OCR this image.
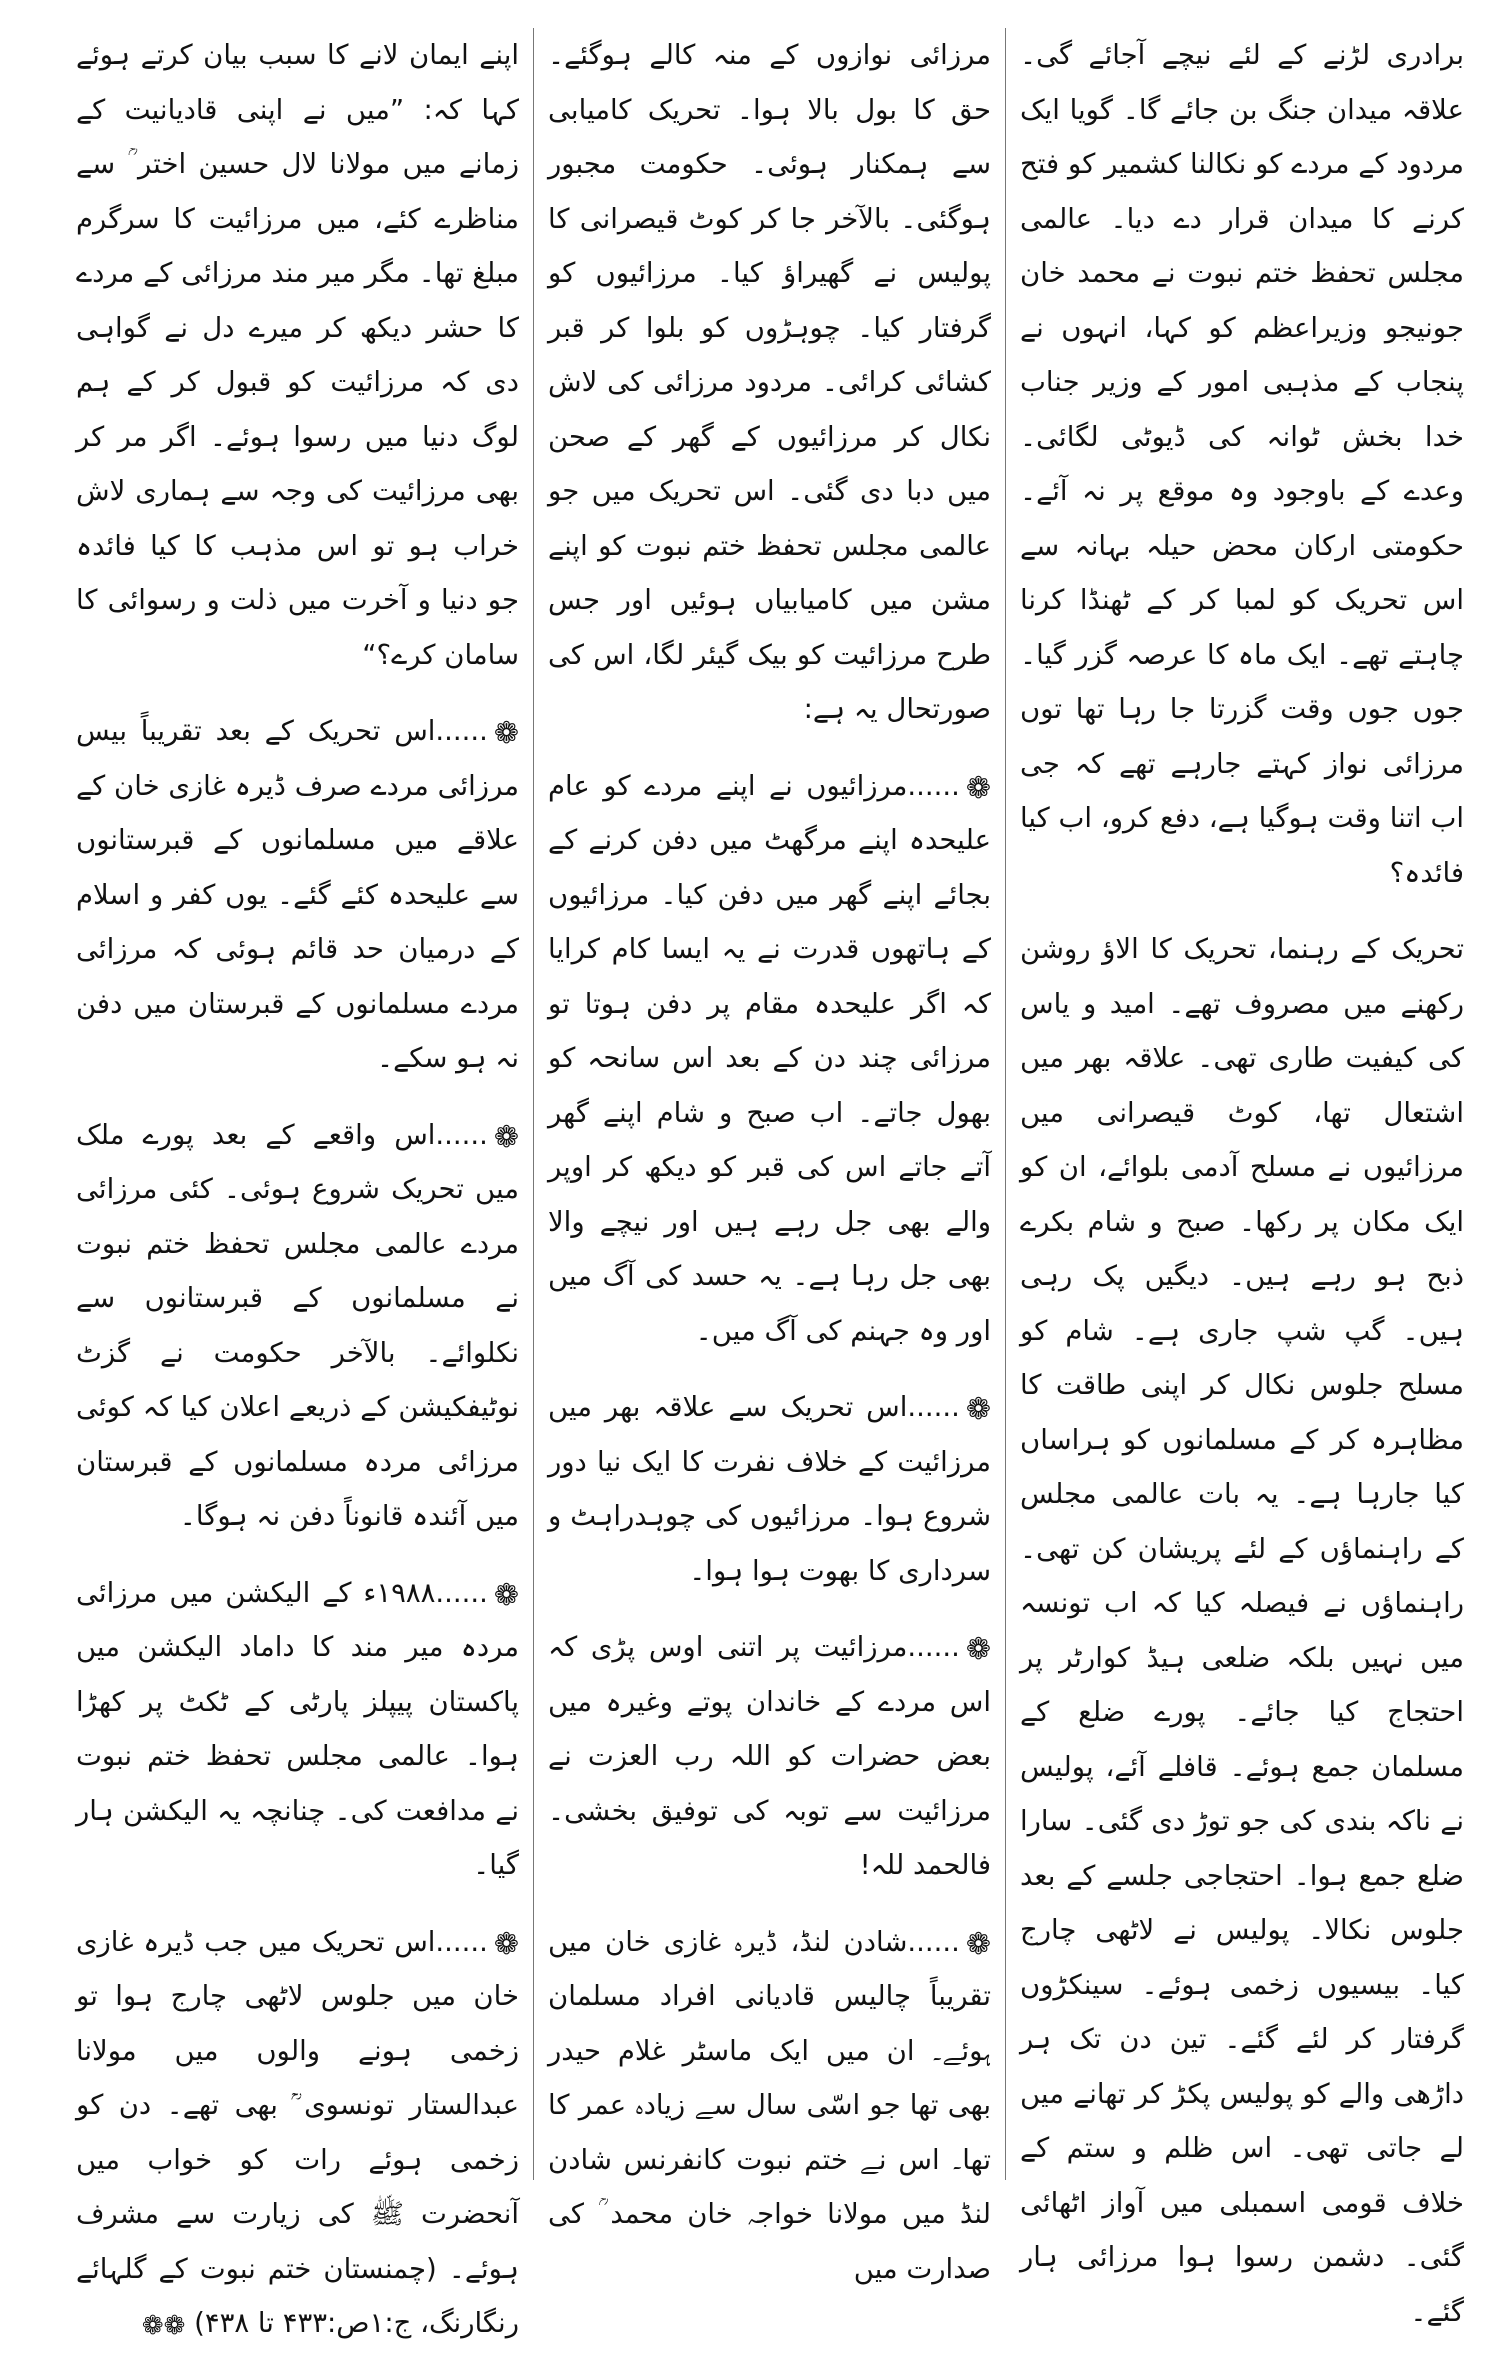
برادری لڑنے کے لئے نیچے آجائے گی۔ علاقہ میدان جنگ بن جائے گا۔ گویا ایک مردود کے مردے کو نکالنا کشمیر کو فتح کرنے کا میدان قرار دے دیا۔ عالمی مجلس تحفظ ختم نبوت نے محمد خان جونیجو وزیراعظم کو کہا، انہوں نے پنجاب کے مذہبی امور کے وزیر جناب خدا بخش ٹوانہ کی ڈیوٹی لگائی۔ وعدے کے باوجود وہ موقع پر نہ آئے۔ حکومتی ارکان محض حیلہ بہانہ سے اس تحریک کو لمبا کر کے ٹھنڈا کرنا چاہتے تھے۔ ایک ماہ کا عرصہ گزر گیا۔ جوں جوں وقت گزرتا جا رہا تھا توں مرزائی نواز کہتے جارہے تھے کہ جی اب اتنا وقت ہوگیا ہے، دفع کرو، اب کیا فائدہ؟

تحریک کے رہنما، تحریک کا الاؤ روشن رکھنے میں مصروف تھے۔ امید و یاس کی کیفیت طاری تھی۔ علاقہ بھر میں اشتعال تھا، کوٹ قیصرانی میں مرزائیوں نے مسلح آدمی بلوائے، ان کو ایک مکان پر رکھا۔ صبح و شام بکرے ذبح ہو رہے ہیں۔ دیگیں پک رہی ہیں۔ گپ شپ جاری ہے۔ شام کو مسلح جلوس نکال کر اپنی طاقت کا مظاہرہ کر کے مسلمانوں کو ہراساں کیا جارہا ہے۔ یہ بات عالمی مجلس کے راہنماؤں کے لئے پریشان کن تھی۔ راہنماؤں نے فیصلہ کیا کہ اب تونسہ میں نہیں بلکہ ضلعی ہیڈ کوارٹر پر احتجاج کیا جائے۔ پورے ضلع کے مسلمان جمع ہوئے۔ قافلے آئے، پولیس نے ناکہ بندی کی جو توڑ دی گئی۔ سارا ضلع جمع ہوا۔ احتجاجی جلسے کے بعد جلوس نکالا۔ پولیس نے لاٹھی چارج کیا۔ بیسیوں زخمی ہوئے۔ سینکڑوں گرفتار کر لئے گئے۔ تین دن تک ہر داڑھی والے کو پولیس پکڑ کر تھانے میں لے جاتی تھی۔ اس ظلم و ستم کے خلاف قومی اسمبلی میں آواز اٹھائی گئی۔ دشمن رسوا ہوا مرزائی ہار گئے۔

مرزائی نوازوں کے منہ کالے ہوگئے۔ حق کا بول بالا ہوا۔ تحریک کامیابی سے ہمکنار ہوئی۔ حکومت مجبور ہوگئی۔ بالآخر جا کر کوٹ قیصرانی کا پولیس نے گھیراؤ کیا۔ مرزائیوں کو گرفتار کیا۔ چوہڑوں کو بلوا کر قبر کشائی کرائی۔ مردود مرزائی کی لاش نکال کر مرزائیوں کے گھر کے صحن میں دبا دی گئی۔ اس تحریک میں جو عالمی مجلس تحفظ ختم نبوت کو اپنے مشن میں کامیابیاں ہوئیں اور جس طرح مرزائیت کو بیک گیئر لگا، اس کی صورتحال یہ ہے:

❁......مرزائیوں نے اپنے مردے کو عام علیحدہ اپنے مرگھٹ میں دفن کرنے کے بجائے اپنے گھر میں دفن کیا۔ مرزائیوں کے ہاتھوں قدرت نے یہ ایسا کام کرایا کہ اگر علیحدہ مقام پر دفن ہوتا تو مرزائی چند دن کے بعد اس سانحہ کو بھول جاتے۔ اب صبح و شام اپنے گھر آتے جاتے اس کی قبر کو دیکھ کر اوپر والے بھی جل رہے ہیں اور نیچے والا بھی جل رہا ہے۔ یہ حسد کی آگ میں اور وہ جہنم کی آگ میں۔

❁......اس تحریک سے علاقہ بھر میں مرزائیت کے خلاف نفرت کا ایک نیا دور شروع ہوا۔ مرزائیوں کی چوہدراہٹ و سرداری کا بھوت ہوا ہوا۔

❁......مرزائیت پر اتنی اوس پڑی کہ اس مردے کے خاندان پوتے وغیرہ میں بعض حضرات کو اللہ رب العزت نے مرزائیت سے توبہ کی توفیق بخشی۔ فالحمد للہ!

❁......شادن لنڈ، ڈیرہ غازی خان میں تقریباً چالیس قادیانی افراد مسلمان ہوئے۔ ان میں ایک ماسٹر غلام حیدر بھی تھا جو اسّی سال سے زیادہ عمر کا تھا۔ اس نے ختم نبوت کانفرنس شادن لنڈ میں مولانا خواجہ خان محمد ؒ کی صدارت میں

اپنے ایمان لانے کا سبب بیان کرتے ہوئے کہا کہ: ”میں نے اپنی قادیانیت کے زمانے میں مولانا لال حسین اختر ؒ سے مناظرے کئے، میں مرزائیت کا سرگرم مبلغ تھا۔ مگر میر مند مرزائی کے مردے کا حشر دیکھ کر میرے دل نے گواہی دی کہ مرزائیت کو قبول کر کے ہم لوگ دنیا میں رسوا ہوئے۔ اگر مر کر بھی مرزائیت کی وجہ سے ہماری لاش خراب ہو تو اس مذہب کا کیا فائدہ جو دنیا و آخرت میں ذلت و رسوائی کا سامان کرے؟“

❁......اس تحریک کے بعد تقریباً بیس مرزائی مردے صرف ڈیرہ غازی خان کے علاقے میں مسلمانوں کے قبرستانوں سے علیحدہ کئے گئے۔ یوں کفر و اسلام کے درمیان حد قائم ہوئی کہ مرزائی مردے مسلمانوں کے قبرستان میں دفن نہ ہو سکے۔

❁......اس واقعے کے بعد پورے ملک میں تحریک شروع ہوئی۔ کئی مرزائی مردے عالمی مجلس تحفظ ختم نبوت نے مسلمانوں کے قبرستانوں سے نکلوائے۔ بالآخر حکومت نے گزٹ نوٹیفکیشن کے ذریعے اعلان کیا کہ کوئی مرزائی مردہ مسلمانوں کے قبرستان میں آئندہ قانوناً دفن نہ ہوگا۔

❁......۱۹۸۸ء کے الیکشن میں مرزائی مردہ میر مند کا داماد الیکشن میں پاکستان پیپلز پارٹی کے ٹکٹ پر کھڑا ہوا۔ عالمی مجلس تحفظ ختم نبوت نے مدافعت کی۔ چنانچہ یہ الیکشن ہار گیا۔

❁......اس تحریک میں جب ڈیرہ غازی خان میں جلوس لاٹھی چارج ہوا تو زخمی ہونے والوں میں مولانا عبدالستار تونسوی ؒ بھی تھے۔ دن کو زخمی ہوئے رات کو خواب میں آنحضرت ﷺ کی زیارت سے مشرف ہوئے۔ (چمنستان ختم نبوت کے گلہائے رنگارنگ، ج:۱ص:۴۳۳ تا ۴۳۸) ❁❁
